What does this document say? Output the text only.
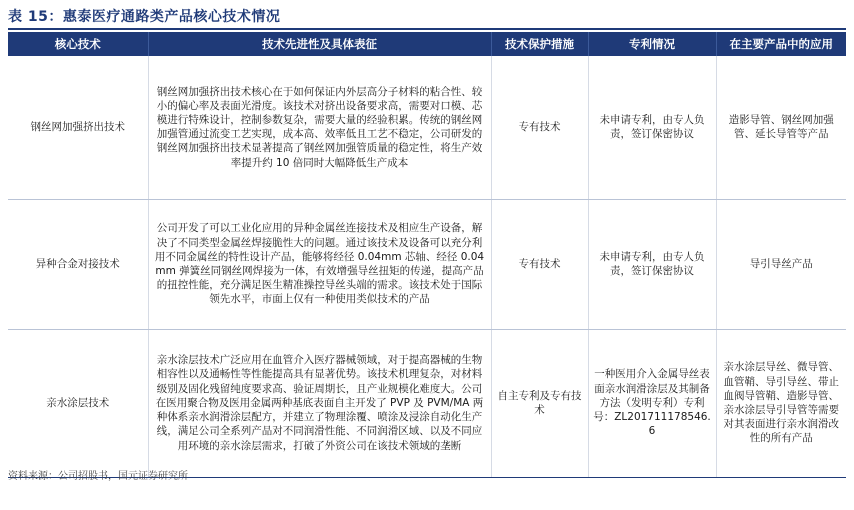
表 15：惠泰医疗通路类产品核心技术情况
核心技术	技术先进性及具体表征	技术保护措施	专利情况	在主要产品中的应用
钢丝网加强挤出技术	钢丝网加强挤出技术核心在于如何保证内外层高分子材料的粘合性、较小的偏心率及表面光滑度。该技术对挤出设备要求高，需要对口模、芯模进行特殊设计，控制参数复杂，需要大量的经验积累。传统的钢丝网加强管通过流变工艺实现，成本高、效率低且工艺不稳定，公司研发的钢丝网加强挤出技术显著提高了钢丝网加强管质量的稳定性，将生产效率提升约 10 倍同时大幅降低生产成本	专有技术	未申请专利，由专人负责，签订保密协议	造影导管、钢丝网加强管、延长导管等产品
异种合金对接技术	公司开发了可以工业化应用的异种金属丝连接技术及相应生产设备，解决了不同类型金属丝焊接脆性大的问题。通过该技术及设备可以充分利用不同金属丝的特性设计产品，能够将经径 0.04mm 芯轴、经径 0.04mm 弹簧丝同钢丝网焊接为一体，有效增强导丝扭矩的传递，提高产品的扭控性能，充分满足医生精准操控导丝头端的需求。该技术处于国际领先水平，市面上仅有一种使用类似技术的产品	专有技术	未申请专利，由专人负责，签订保密协议	导引导丝产品
亲水涂层技术	亲水涂层技术广泛应用在血管介入医疗器械领域，对于提高器械的生物相容性以及通畅性等性能提高具有显著优势。该技术机理复杂，对材料级别及固化残留纯度要求高、验证周期长，且产业规模化难度大。公司在医用聚合物及医用金属两种基底表面自主开发了 PVP 及 PVM/MA 两种体系亲水润滑涂层配方，并建立了物理涂覆、喷涂及浸涂自动化生产线，满足公司全系列产品对不同润滑性能、不同润滑区域、以及不同应用环境的亲水涂层需求，打破了外资公司在该技术领域的垄断	自主专利及专有技术	一种医用介入金属导丝表面亲水润滑涂层及其制备方法（发明专利）专利号：ZL201711178546.6	亲水涂层导丝、微导管、血管鞘、导引导丝、带止血阀导管鞘、造影导管、亲水涂层导引导管等需要对其表面进行亲水润滑改性的所有产品
资料来源：公司招股书，国元证券研究所
